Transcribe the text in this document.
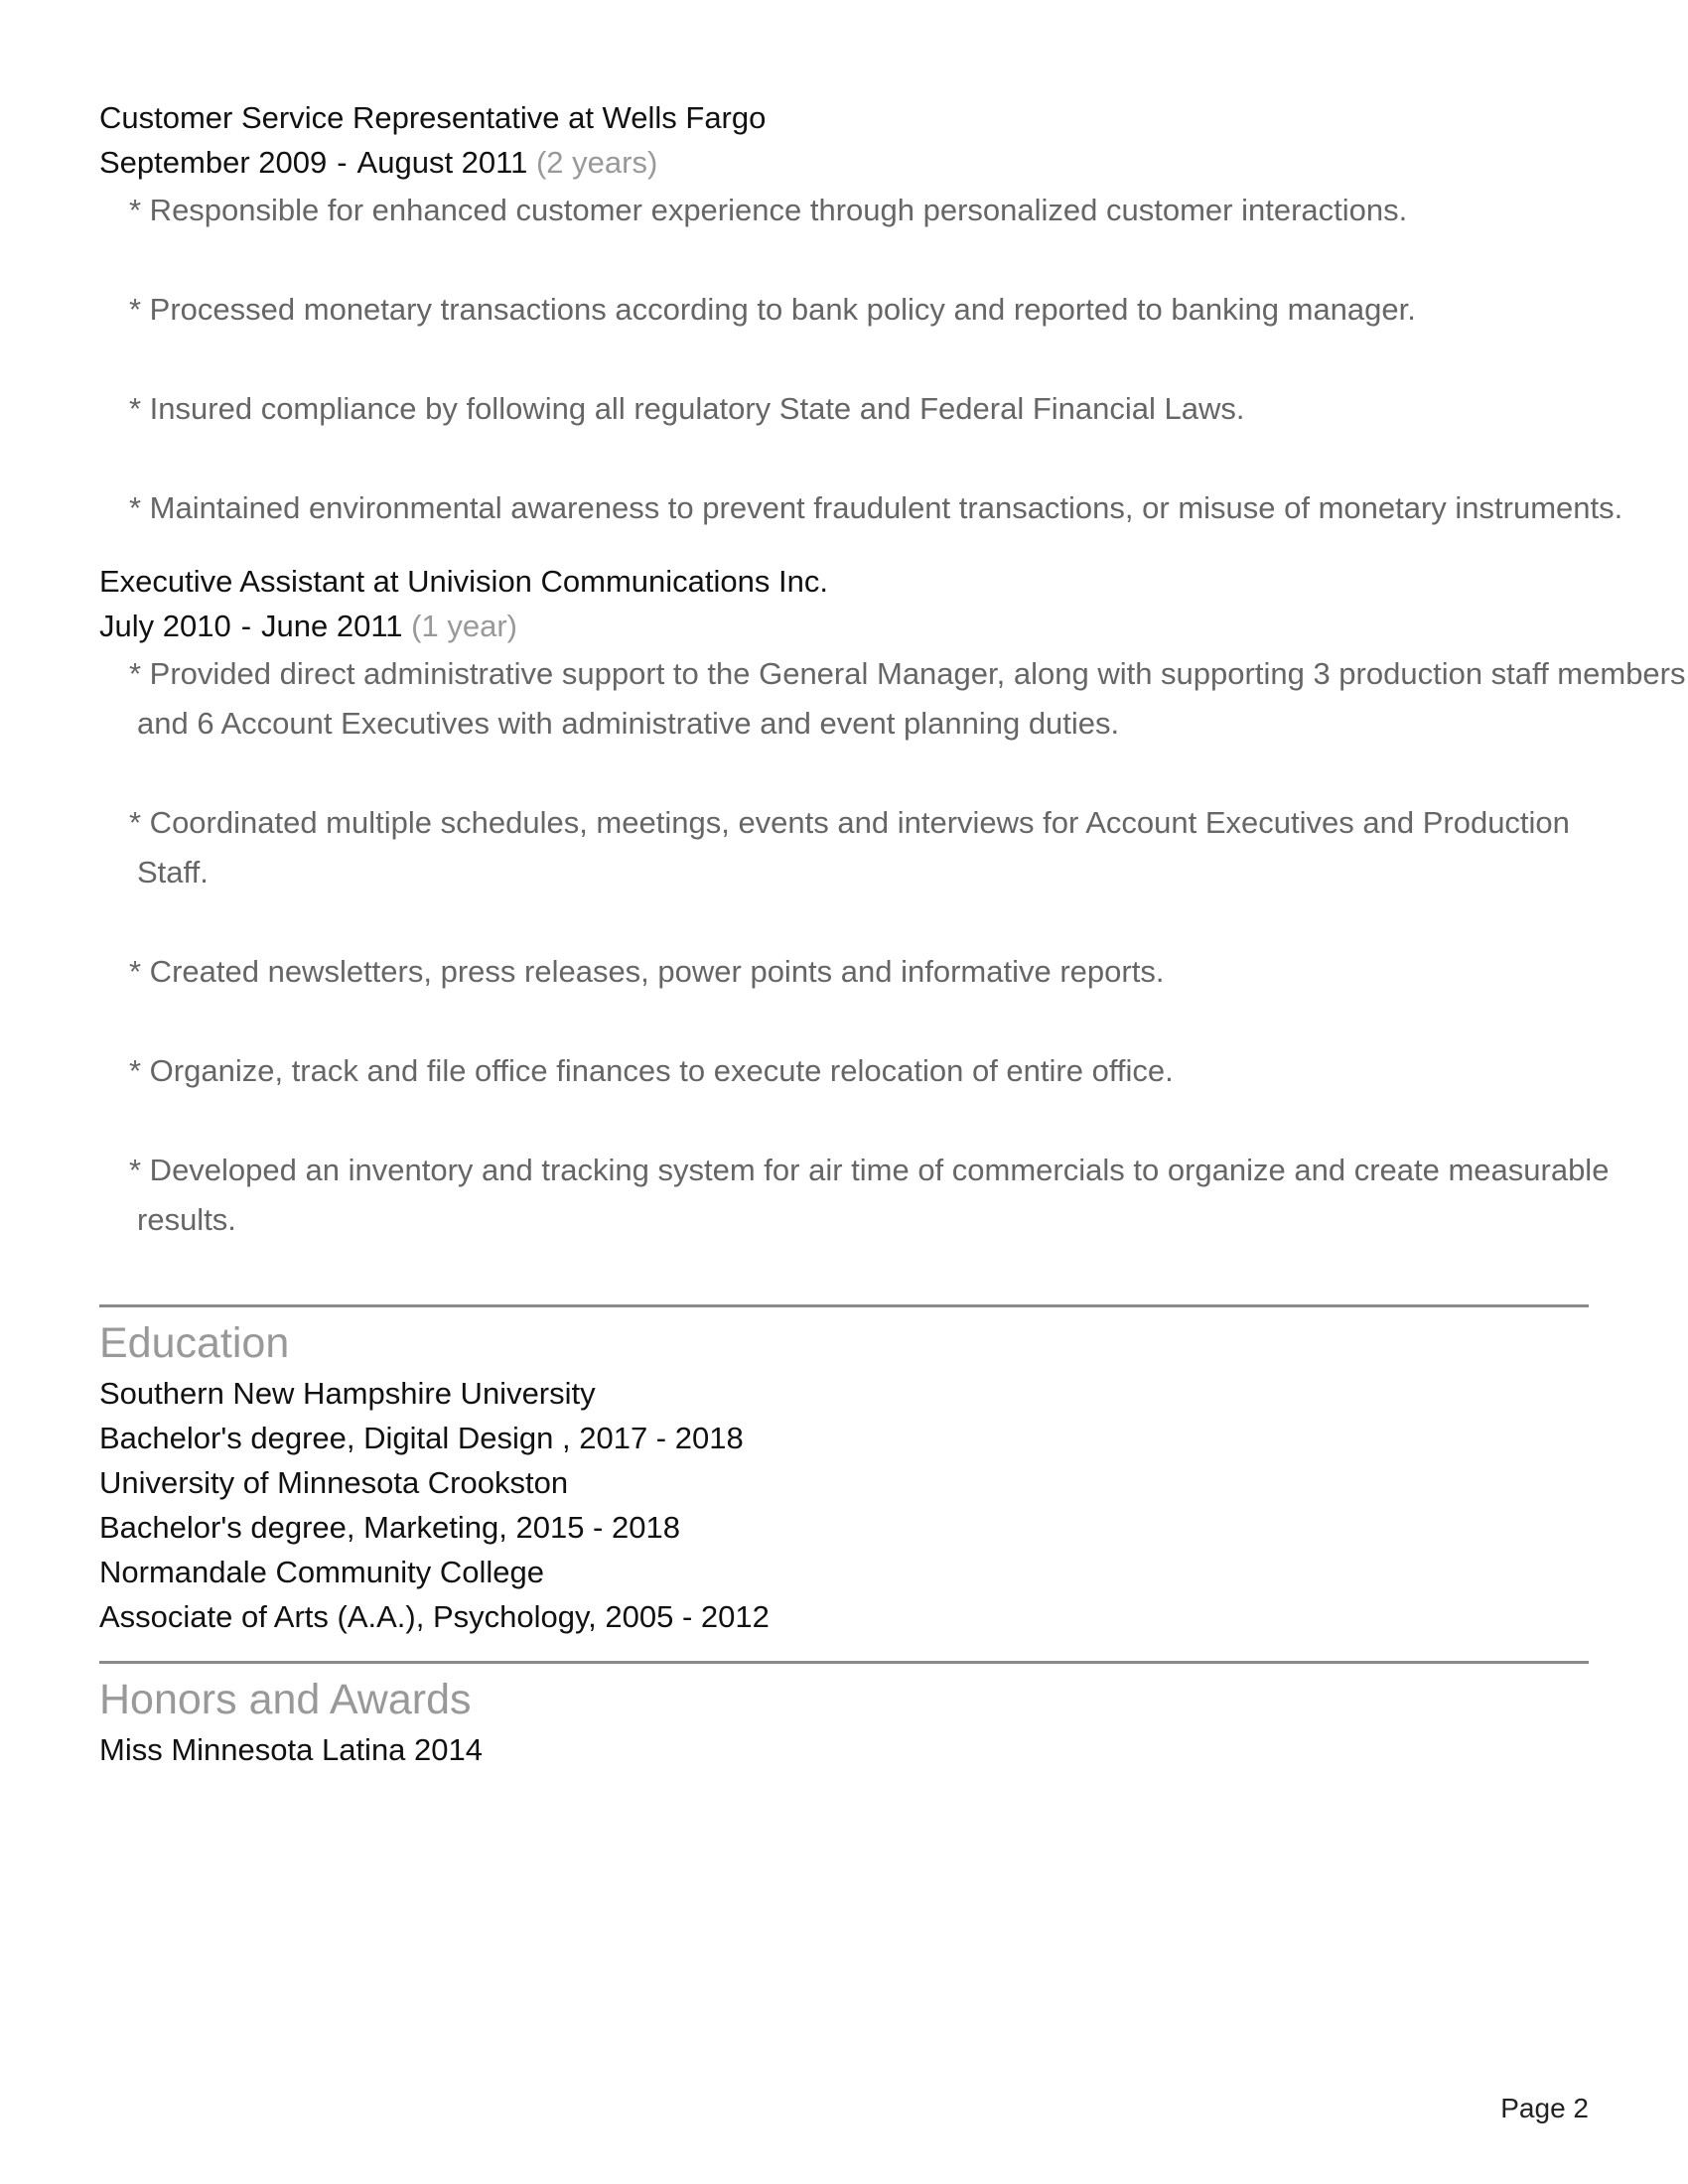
Customer Service Representative at Wells Fargo
September 2009 - August 2011 (2 years)
* Responsible for enhanced customer experience through personalized customer interactions.
* Processed monetary transactions according to bank policy and reported to banking manager.
* Insured compliance by following all regulatory State and Federal Financial Laws.
* Maintained environmental awareness to prevent fraudulent transactions, or misuse of monetary instruments.
Executive Assistant at Univision Communications Inc.
July 2010 - June 2011 (1 year)
* Provided direct administrative support to the General Manager, along with supporting 3 production staff members and 6 Account Executives with administrative and event planning duties.
* Coordinated multiple schedules, meetings, events and interviews for Account Executives and Production Staff.
* Created newsletters, press releases, power points and informative reports.
* Organize, track and file office finances to execute relocation of entire office.
* Developed an inventory and tracking system for air time of commercials to organize and create measurable results.
Education
Southern New Hampshire University
Bachelor's degree, Digital Design , 2017 - 2018
University of Minnesota Crookston
Bachelor's degree, Marketing, 2015 - 2018
Normandale Community College
Associate of Arts (A.A.), Psychology, 2005 - 2012
Honors and Awards
Miss Minnesota Latina 2014
Page 2
